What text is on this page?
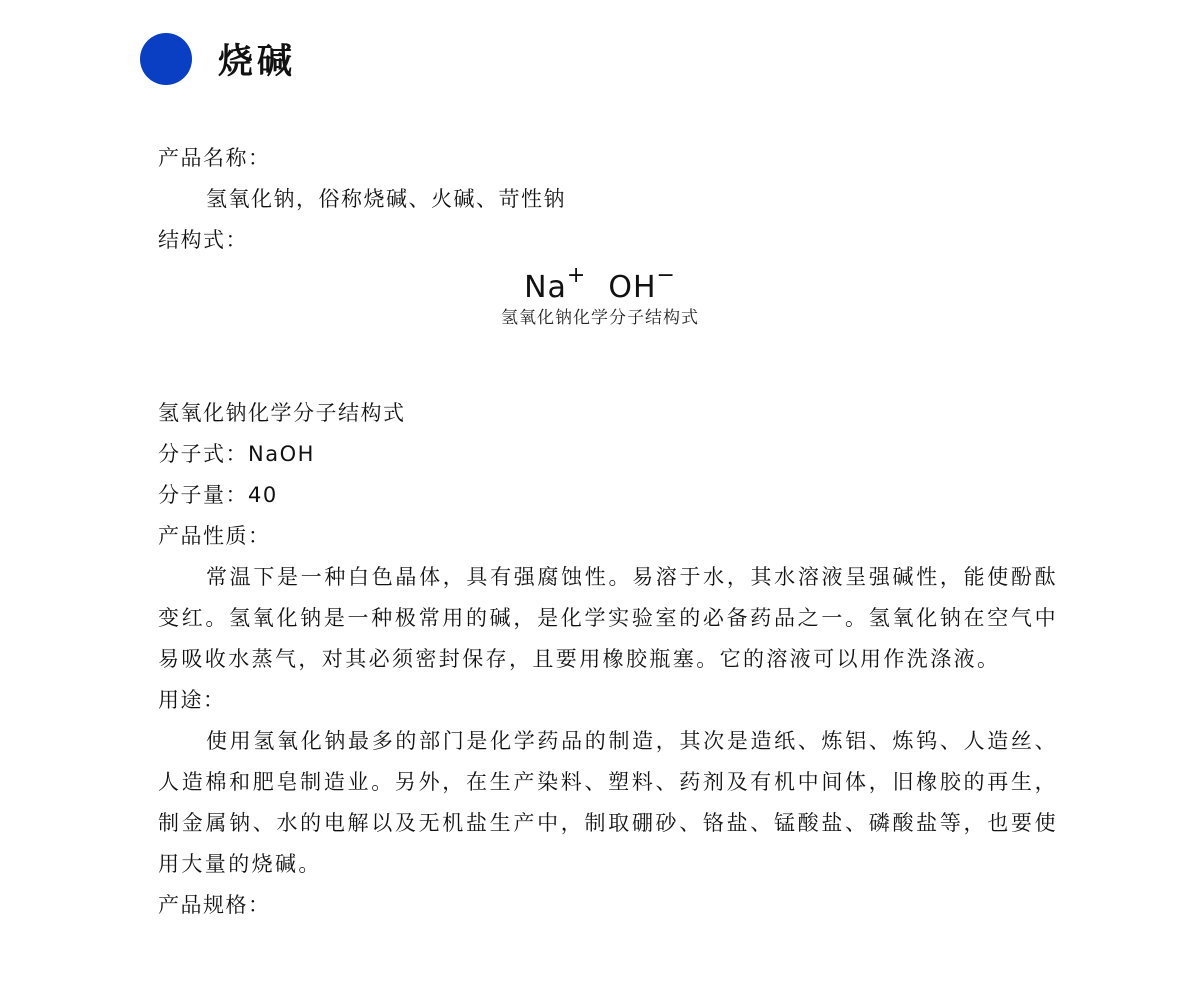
烧碱
产品名称：
氢氧化钠，俗称烧碱、火碱、苛性钠
结构式：
Na+ OH−
氢氧化钠化学分子结构式
氢氧化钠化学分子结构式
分子式：NaOH
分子量：40
产品性质：
常温下是一种白色晶体，具有强腐蚀性。易溶于水，其水溶液呈强碱性，能使酚酞变红。氢氧化钠是一种极常用的碱，是化学实验室的必备药品之一。氢氧化钠在空气中易吸收水蒸气，对其必须密封保存，且要用橡胶瓶塞。它的溶液可以用作洗涤液。
用途：
使用氢氧化钠最多的部门是化学药品的制造，其次是造纸、炼铝、炼钨、人造丝、人造棉和肥皂制造业。另外，在生产染料、塑料、药剂及有机中间体，旧橡胶的再生，制金属钠、水的电解以及无机盐生产中，制取硼砂、铬盐、锰酸盐、磷酸盐等，也要使用大量的烧碱。
产品规格：
